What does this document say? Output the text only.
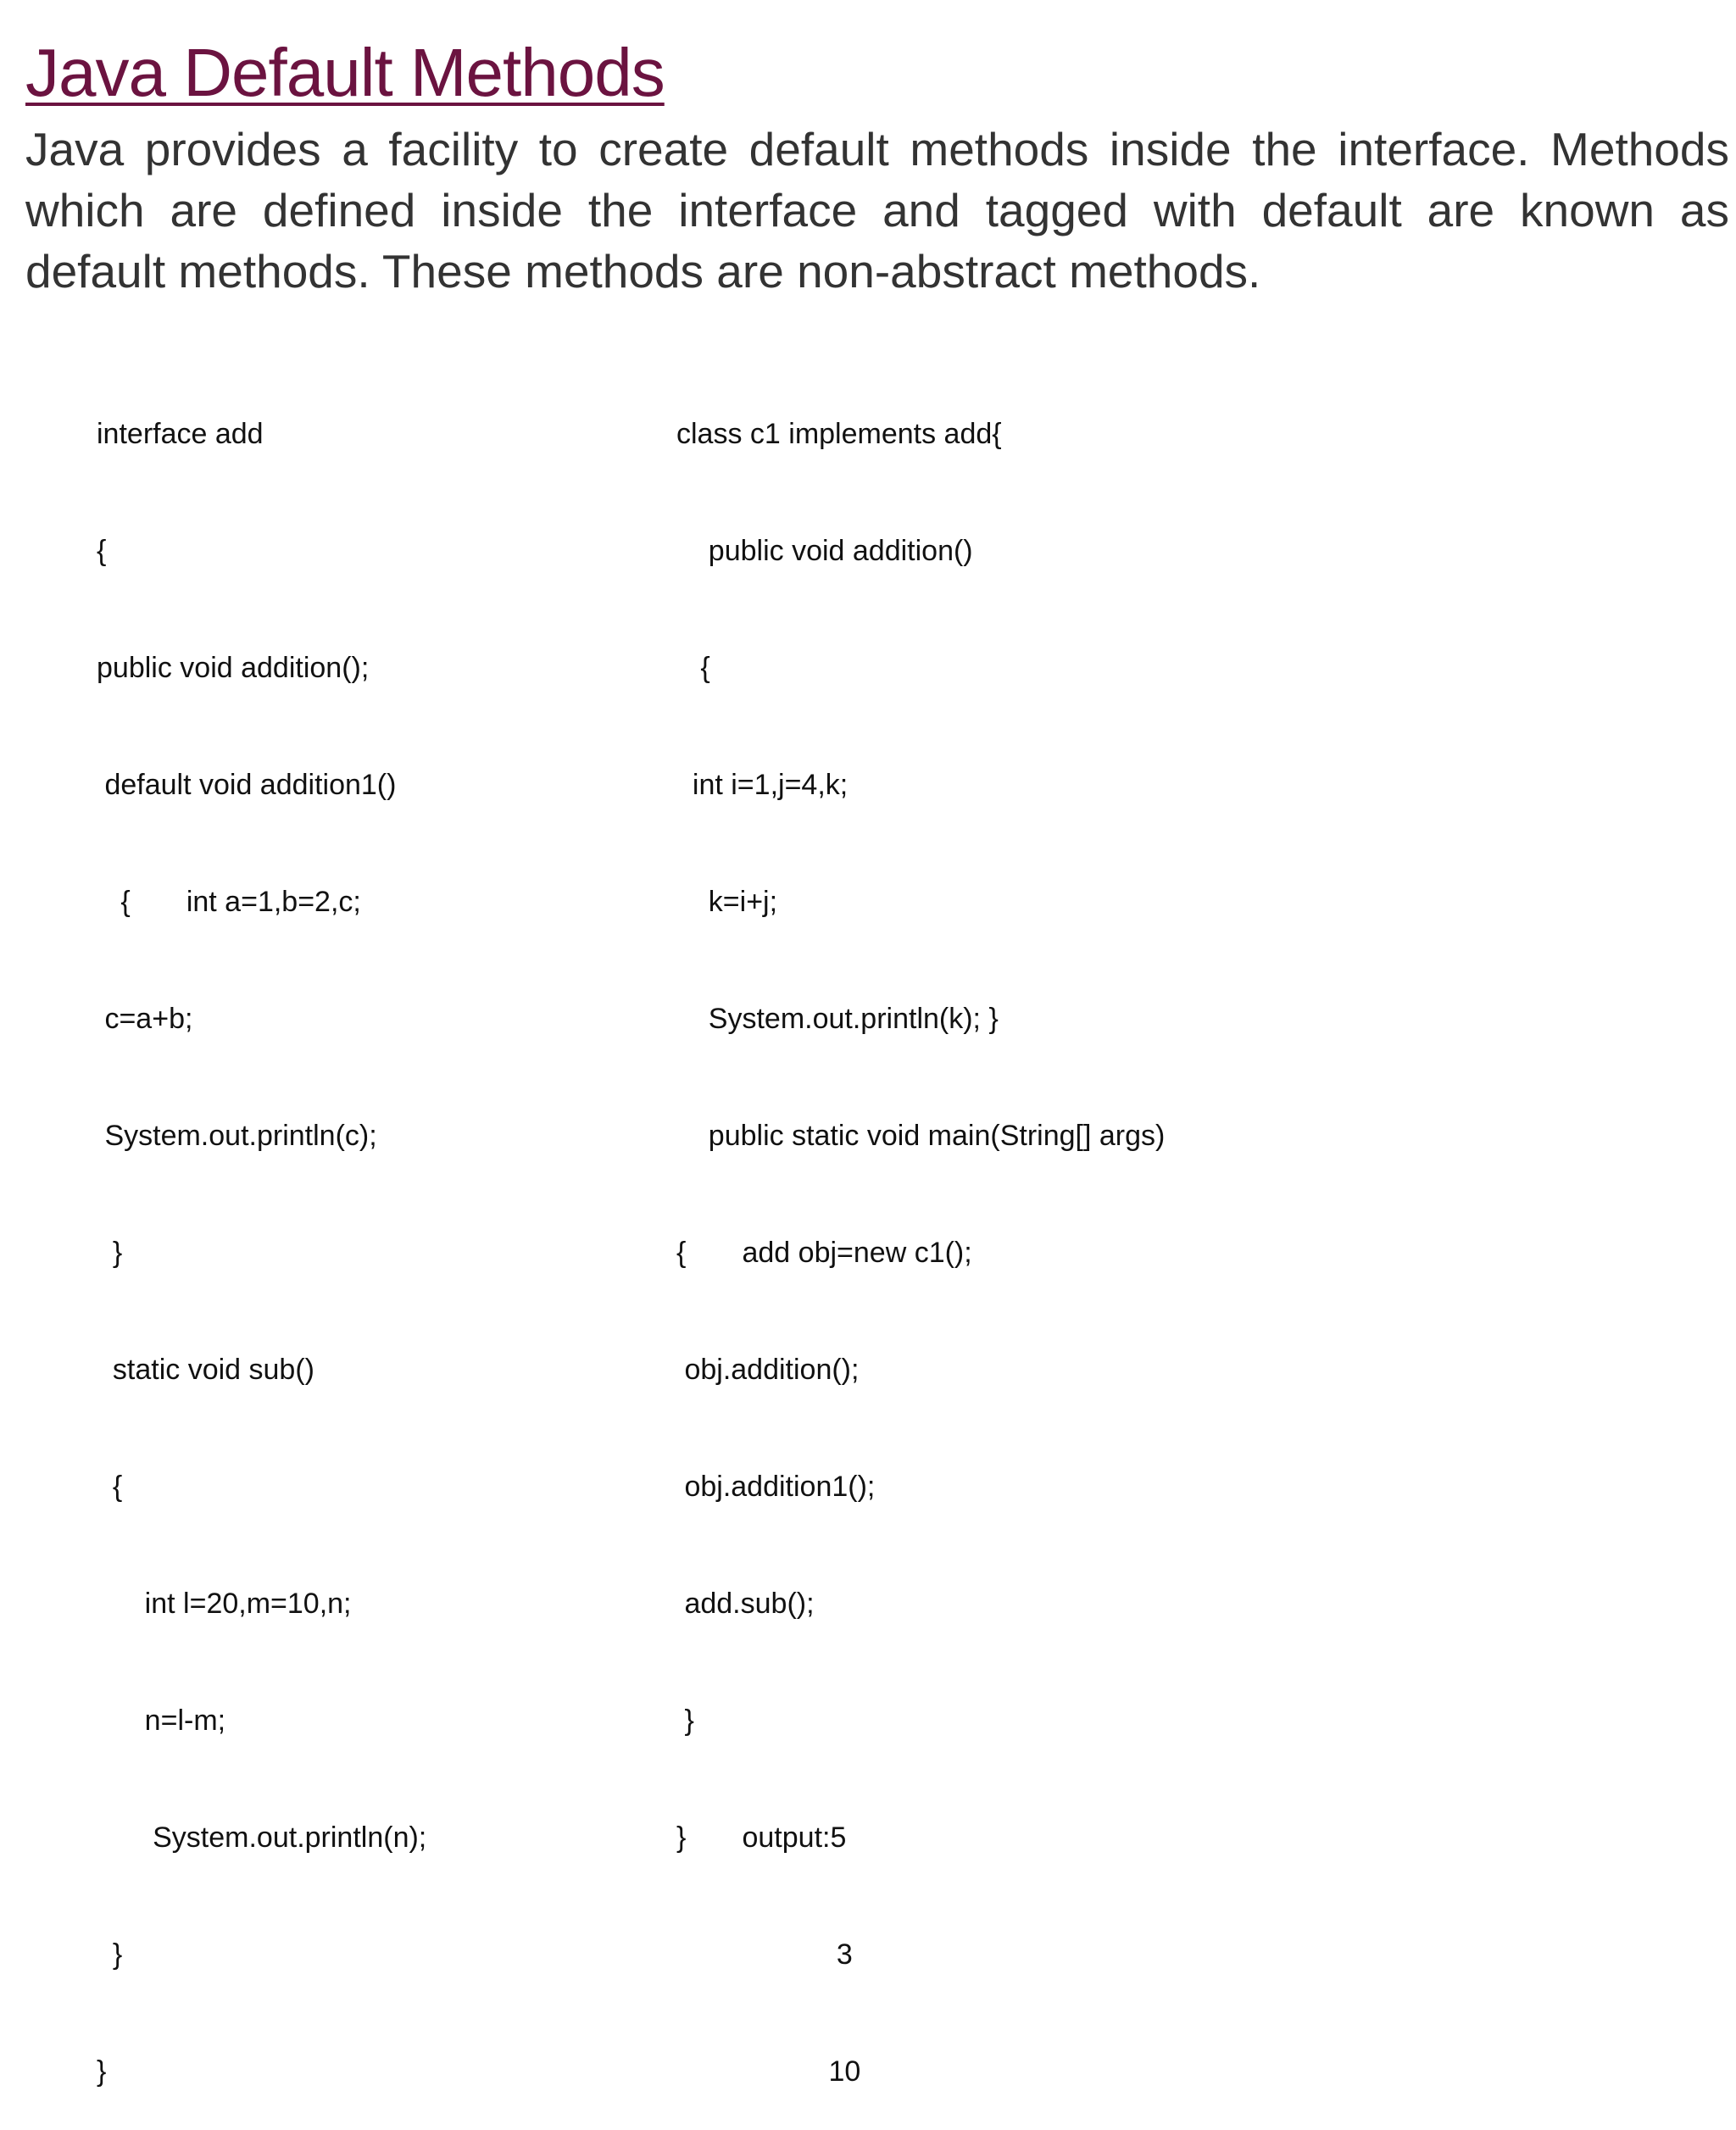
Java Default Methods

Java provides a facility to create default methods inside the interface. Methods which are defined inside the interface and tagged with default are known as default methods. These methods are non-abstract methods.

interface add

{

public void addition();

default void addition1()

{       int a=1,b=2,c;

c=a+b;

System.out.println(c);

}

static void sub()

{

int l=20,m=10,n;

n=l-m;

System.out.println(n);

}

}

class c1 implements add{

public void addition()

{

int i=1,j=4,k;

k=i+j;

System.out.println(k); }

public static void main(String[] args)

{       add obj=new c1();

obj.addition();

obj.addition1();

add.sub();

}

}       output:5

3

10
